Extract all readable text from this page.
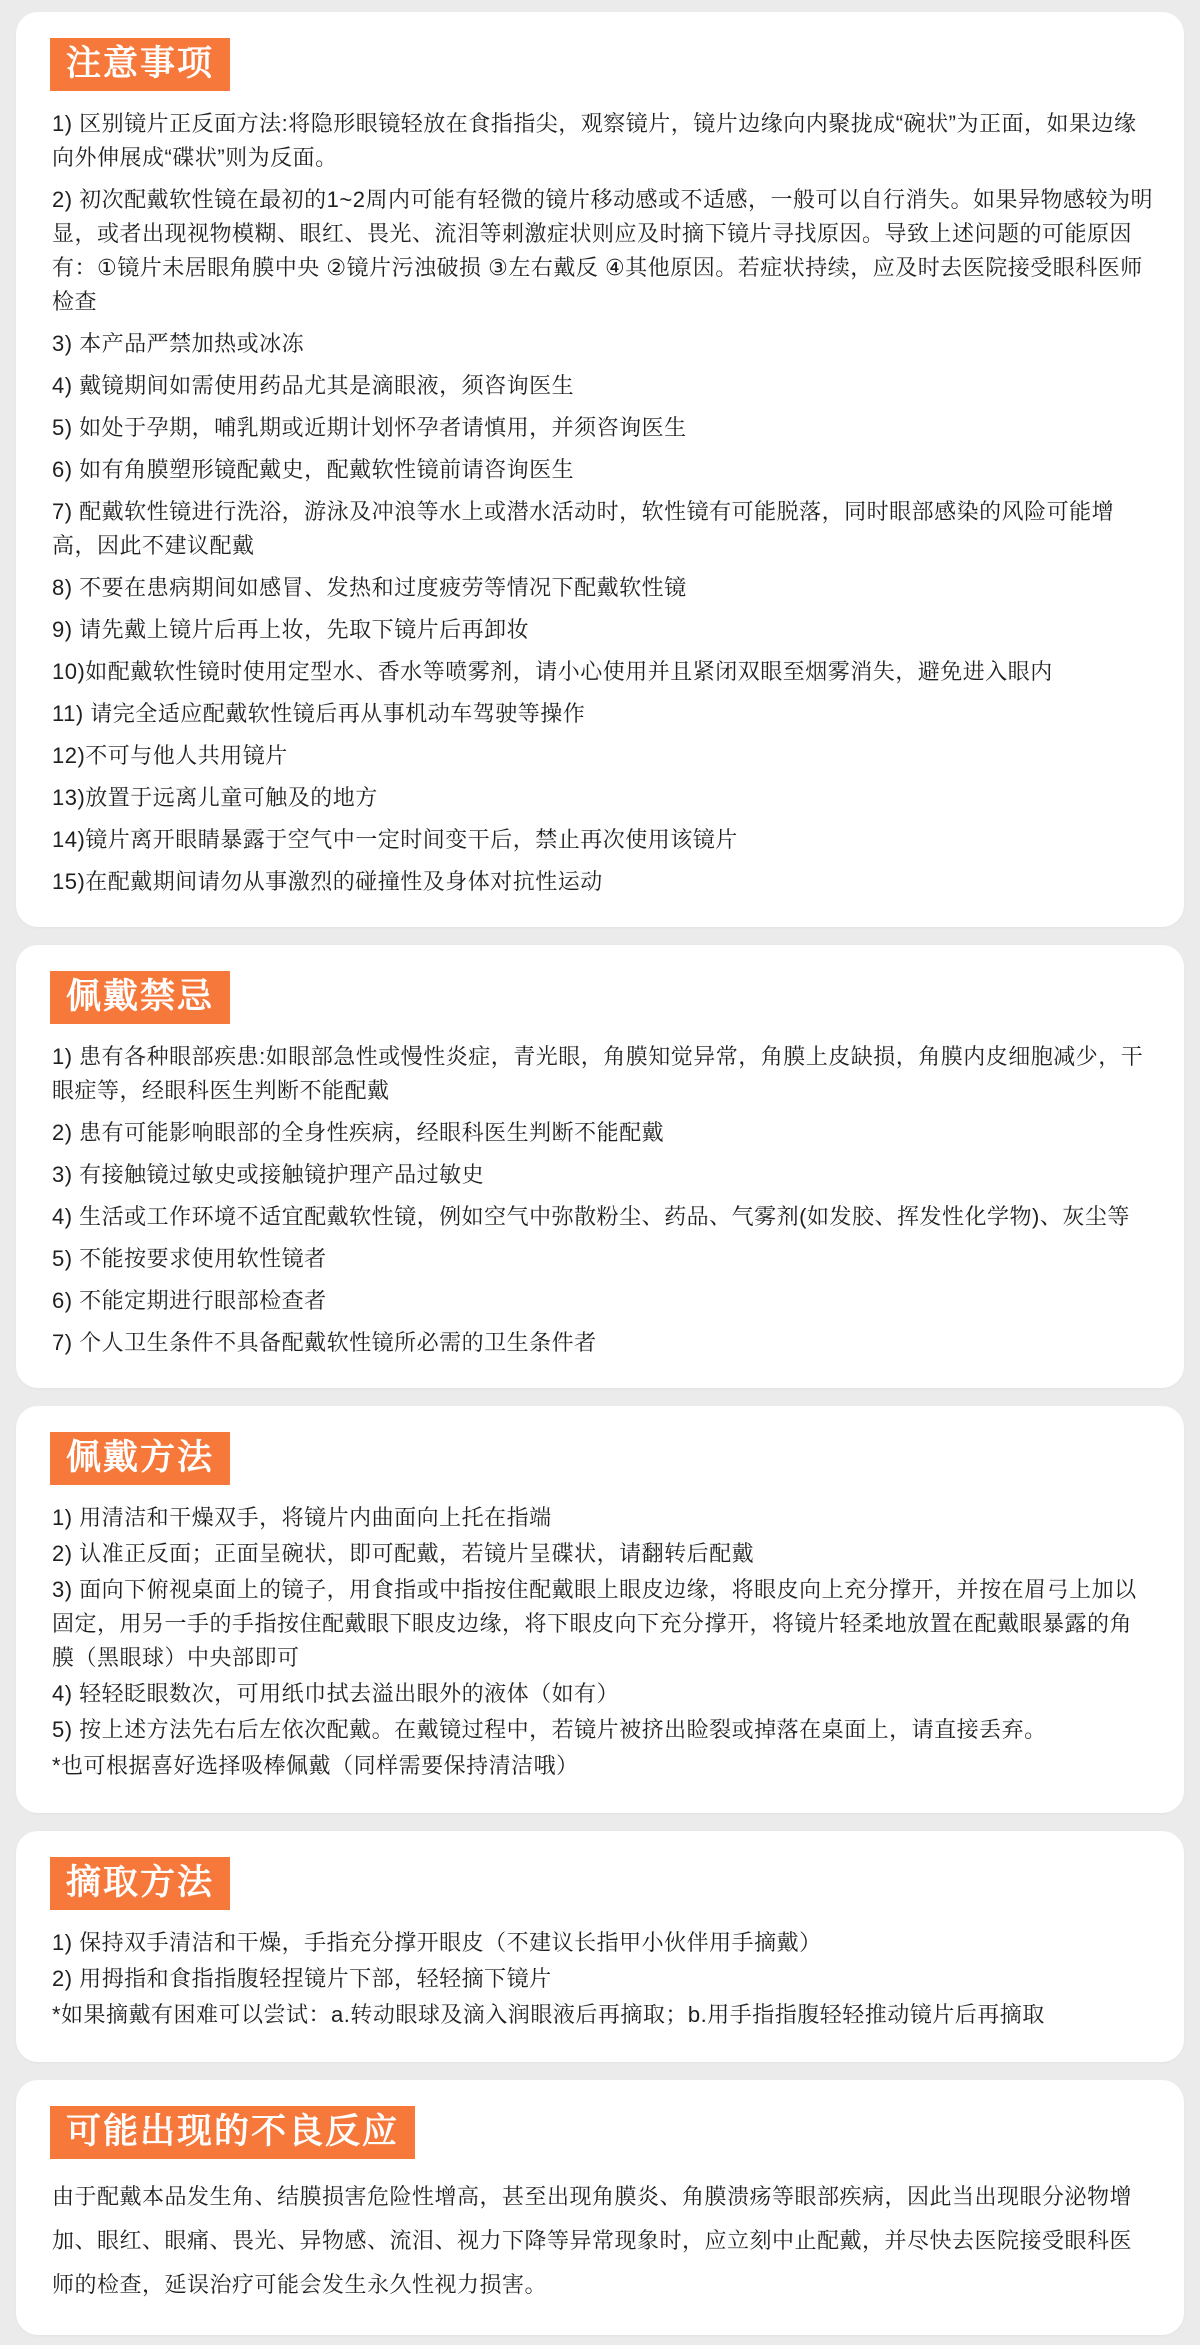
注意事项

1) 区别镜片正反面方法:将隐形眼镜轻放在食指指尖，观察镜片，镜片边缘向内聚拢成“碗状”为正面，如果边缘向外伸展成“碟状”则为反面。

2) 初次配戴软性镜在最初的1~2周内可能有轻微的镜片移动感或不适感，一般可以自行消失。如果异物感较为明显，或者出现视物模糊、眼红、畏光、流泪等刺激症状则应及时摘下镜片寻找原因。导致上述问题的可能原因有：①镜片未居眼角膜中央 ②镜片污浊破损 ③左右戴反 ④其他原因。若症状持续，应及时去医院接受眼科医师检查

3) 本产品严禁加热或冰冻

4) 戴镜期间如需使用药品尤其是滴眼液，须咨询医生

5) 如处于孕期，哺乳期或近期计划怀孕者请慎用，并须咨询医生

6) 如有角膜塑形镜配戴史，配戴软性镜前请咨询医生

7) 配戴软性镜进行洗浴，游泳及冲浪等水上或潜水活动时，软性镜有可能脱落，同时眼部感染的风险可能增高，因此不建议配戴

8) 不要在患病期间如感冒、发热和过度疲劳等情况下配戴软性镜

9) 请先戴上镜片后再上妆，先取下镜片后再卸妆

10)如配戴软性镜时使用定型水、香水等喷雾剂，请小心使用并且紧闭双眼至烟雾消失，避免进入眼内

11) 请完全适应配戴软性镜后再从事机动车驾驶等操作

12)不可与他人共用镜片

13)放置于远离儿童可触及的地方

14)镜片离开眼睛暴露于空气中一定时间变干后，禁止再次使用该镜片

15)在配戴期间请勿从事激烈的碰撞性及身体对抗性运动

佩戴禁忌

1) 患有各种眼部疾患:如眼部急性或慢性炎症，青光眼，角膜知觉异常，角膜上皮缺损，角膜内皮细胞减少，干眼症等，经眼科医生判断不能配戴

2) 患有可能影响眼部的全身性疾病，经眼科医生判断不能配戴

3) 有接触镜过敏史或接触镜护理产品过敏史

4) 生活或工作环境不适宜配戴软性镜，例如空气中弥散粉尘、药品、气雾剂(如发胶、挥发性化学物)、灰尘等

5) 不能按要求使用软性镜者

6) 不能定期进行眼部检查者

7) 个人卫生条件不具备配戴软性镜所必需的卫生条件者

佩戴方法

1) 用清洁和干燥双手，将镜片内曲面向上托在指端

2) 认准正反面；正面呈碗状，即可配戴，若镜片呈碟状，请翻转后配戴

3) 面向下俯视桌面上的镜子，用食指或中指按住配戴眼上眼皮边缘，将眼皮向上充分撑开，并按在眉弓上加以固定，用另一手的手指按住配戴眼下眼皮边缘，将下眼皮向下充分撑开，将镜片轻柔地放置在配戴眼暴露的角膜（黑眼球）中央部即可

4) 轻轻眨眼数次，可用纸巾拭去溢出眼外的液体（如有）

5) 按上述方法先右后左依次配戴。在戴镜过程中，若镜片被挤出睑裂或掉落在桌面上，请直接丢弃。

*也可根据喜好选择吸棒佩戴（同样需要保持清洁哦）

摘取方法

1) 保持双手清洁和干燥，手指充分撑开眼皮（不建议长指甲小伙伴用手摘戴）

2) 用拇指和食指指腹轻捏镜片下部，轻轻摘下镜片

*如果摘戴有困难可以尝试：a.转动眼球及滴入润眼液后再摘取；b.用手指指腹轻轻推动镜片后再摘取

可能出现的不良反应

由于配戴本品发生角、结膜损害危险性增高，甚至出现角膜炎、角膜溃疡等眼部疾病，因此当出现眼分泌物增加、眼红、眼痛、畏光、异物感、流泪、视力下降等异常现象时，应立刻中止配戴，并尽快去医院接受眼科医师的检查，延误治疗可能会发生永久性视力损害。
